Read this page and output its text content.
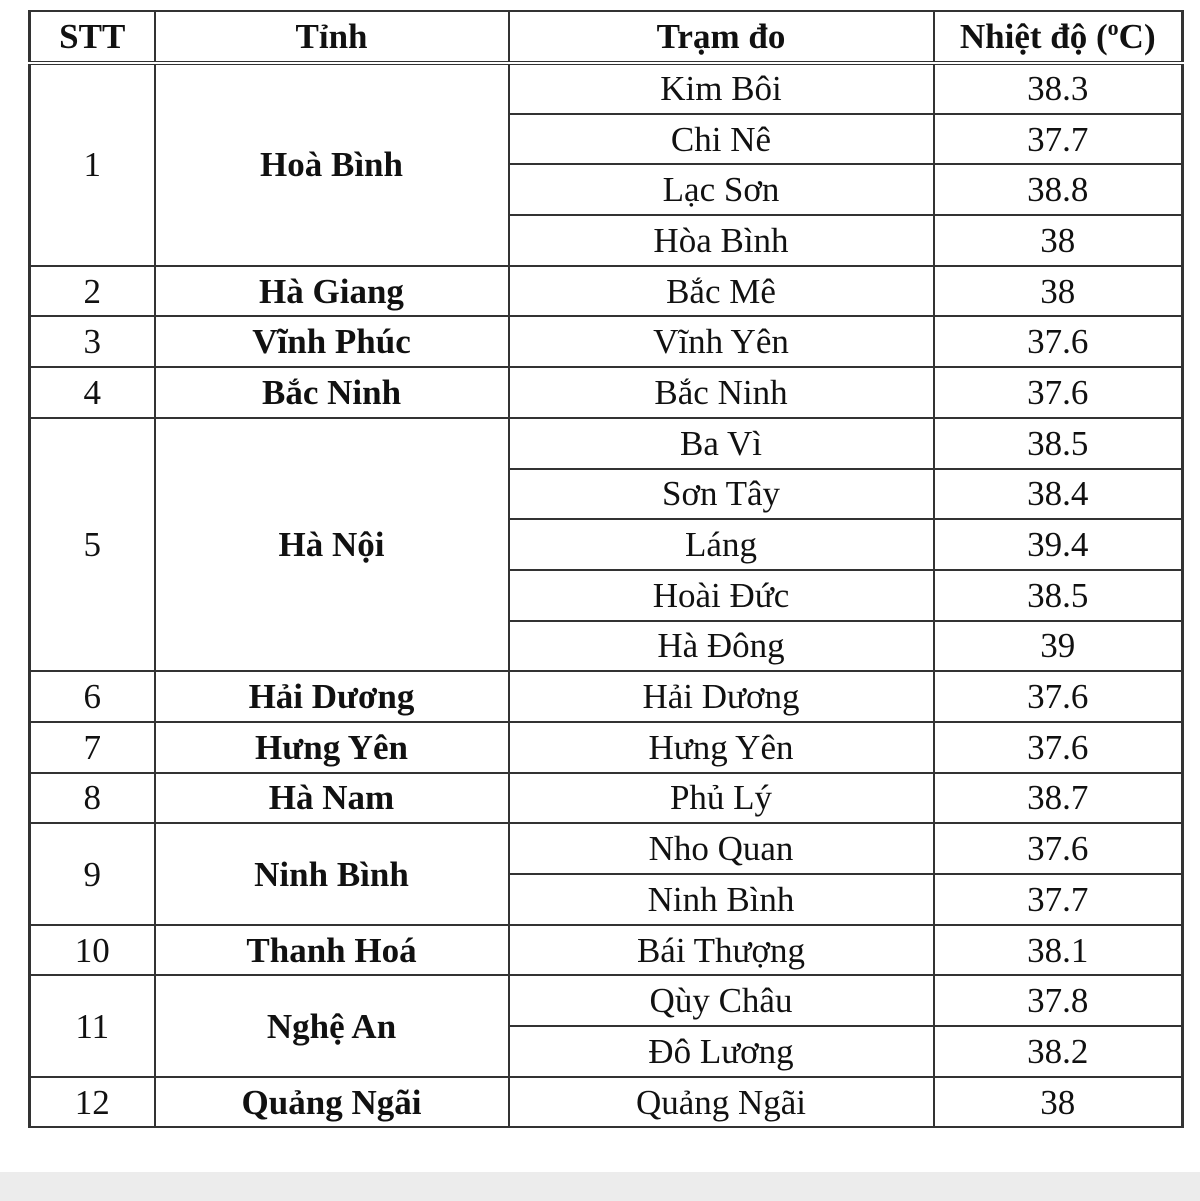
STT	Tỉnh	Trạm đo	Nhiệt độ ($^o$C)
1	Hoà Bình	Kim Bôi	38.3
		Chi Nê	37.7
		Lạc Sơn	38.8
		Hòa Bình	38
2	Hà Giang	Bắc Mê	38
3	Vĩnh Phúc	Vĩnh Yên	37.6
4	Bắc Ninh	Bắc Ninh	37.6
5	Hà Nội	Ba Vì	38.5
		Sơn Tây	38.4
		Láng	39.4
		Hoài Đức	38.5
		Hà Đông	39
6	Hải Dương	Hải Dương	37.6
7	Hưng Yên	Hưng Yên	37.6
8	Hà Nam	Phủ Lý	38.7
9	Ninh Bình	Nho Quan	37.6
		Ninh Bình	37.7
10	Thanh Hoá	Bái Thượng	38.1
11	Nghệ An	Qùy Châu	37.8
		Đô Lương	38.2
12	Quảng Ngãi	Quảng Ngãi	38
